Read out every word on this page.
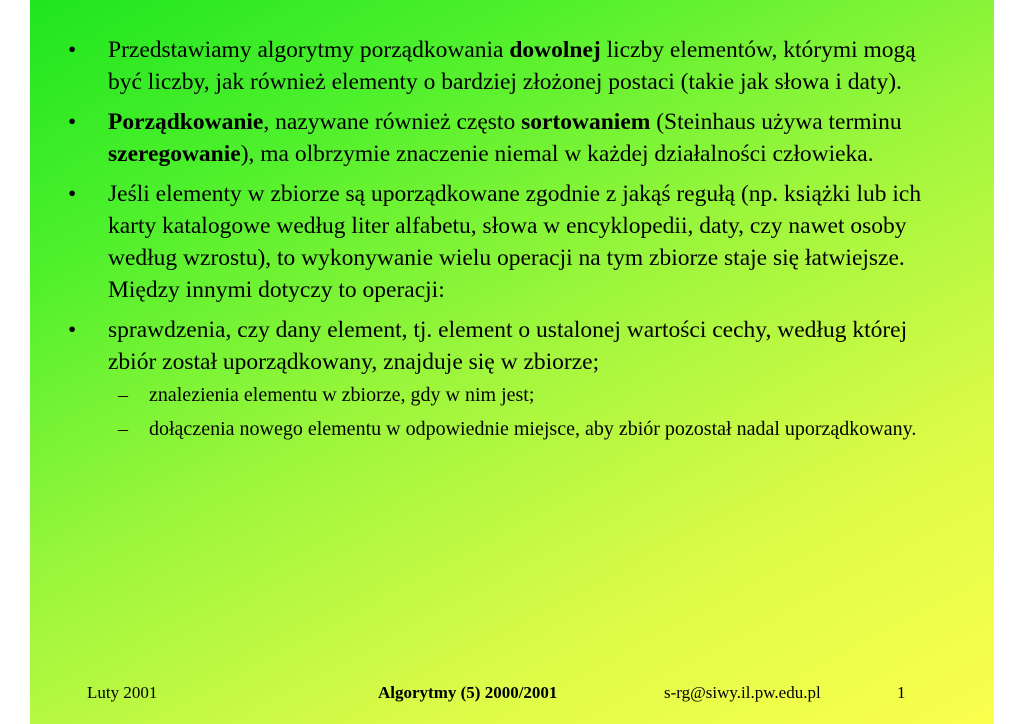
• Przedstawiamy algorytmy porządkowania dowolnej liczby elementów, którymi mogą być liczby, jak również elementy o bardziej złożonej postaci (takie jak słowa i daty).
• Porządkowanie, nazywane również często sortowaniem (Steinhaus używa terminu szeregowanie), ma olbrzymie znaczenie niemal w każdej działalności człowieka.
• Jeśli elementy w zbiorze są uporządkowane zgodnie z jakąś regułą (np. książki lub ich karty katalogowe według liter alfabetu, słowa w encyklopedii, daty, czy nawet osoby według wzrostu), to wykonywanie wielu operacji na tym zbiorze staje się łatwiejsze. Między innymi dotyczy to operacji:
• sprawdzenia, czy dany element, tj. element o ustalonej wartości cechy, według której zbiór został uporządkowany, znajduje się w zbiorze;
– znalezienia elementu w zbiorze, gdy w nim jest;
– dołączenia nowego elementu w odpowiednie miejsce, aby zbiór pozostał nadal uporządkowany.
Luty 2001	Algorytmy (5) 2000/2001	s-rg@siwy.il.pw.edu.pl	1
